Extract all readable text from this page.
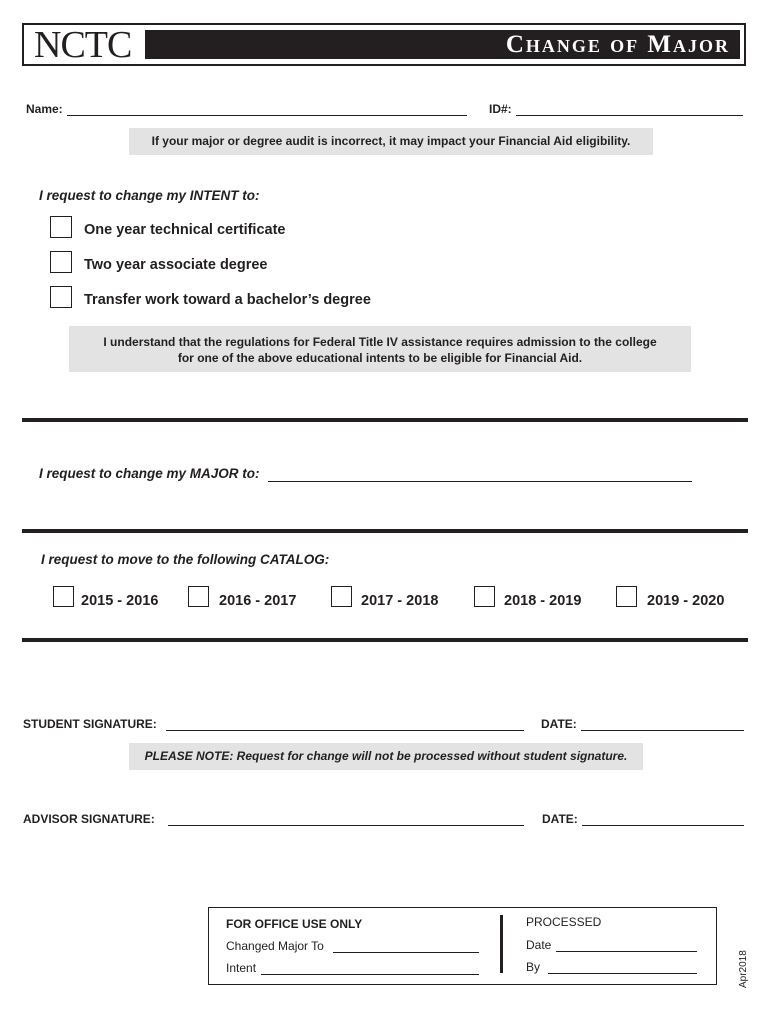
NCTC	Change of Major
Name:	ID#:
If your major or degree audit is incorrect, it may impact your Financial Aid eligibility.
I request to change my INTENT to:
One year technical certificate
Two year associate degree
Transfer work toward a bachelor’s degree
I understand that the regulations for Federal Title IV assistance requires admission to the college
for one of the above educational intents to be eligible for Financial Aid.
I request to change my MAJOR to:
I request to move to the following CATALOG:
2015 - 2016	2016 - 2017	2017 - 2018	2018 - 2019	2019 - 2020
STUDENT SIGNATURE:	DATE:
PLEASE NOTE: Request for change will not be processed without student signature.
ADVISOR SIGNATURE:	DATE:
FOR OFFICE USE ONLY
Changed Major To
Intent
PROCESSED
Date
By	Apr2018
